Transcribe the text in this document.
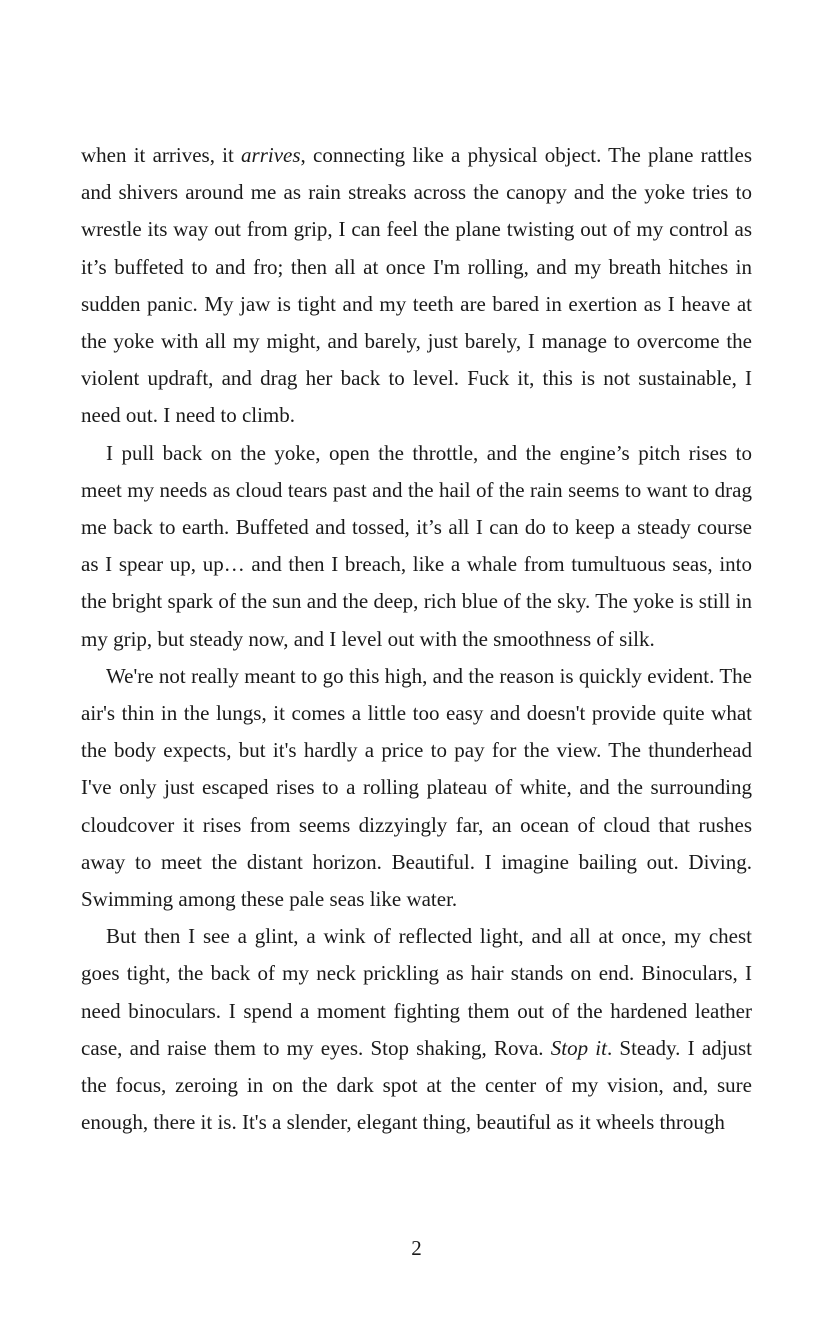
when it arrives, it arrives, connecting like a physical object. The plane rattles and shivers around me as rain streaks across the canopy and the yoke tries to wrestle its way out from grip, I can feel the plane twisting out of my control as it’s buffeted to and fro; then all at once I'm rolling, and my breath hitches in sudden panic. My jaw is tight and my teeth are bared in exertion as I heave at the yoke with all my might, and barely, just barely, I manage to overcome the violent updraft, and drag her back to level. Fuck it, this is not sustainable, I need out. I need to climb.

I pull back on the yoke, open the throttle, and the engine’s pitch rises to meet my needs as cloud tears past and the hail of the rain seems to want to drag me back to earth. Buffeted and tossed, it’s all I can do to keep a steady course as I spear up, up… and then I breach, like a whale from tumultuous seas, into the bright spark of the sun and the deep, rich blue of the sky. The yoke is still in my grip, but steady now, and I level out with the smoothness of silk.

We're not really meant to go this high, and the reason is quickly evident. The air's thin in the lungs, it comes a little too easy and doesn't provide quite what the body expects, but it's hardly a price to pay for the view. The thunderhead I've only just escaped rises to a rolling plateau of white, and the surrounding cloudcover it rises from seems dizzyingly far, an ocean of cloud that rushes away to meet the distant horizon. Beautiful. I imagine bailing out. Diving. Swimming among these pale seas like water.

But then I see a glint, a wink of reflected light, and all at once, my chest goes tight, the back of my neck prickling as hair stands on end. Binoculars, I need binoculars. I spend a moment fighting them out of the hardened leather case, and raise them to my eyes. Stop shaking, Rova. Stop it. Steady. I adjust the focus, zeroing in on the dark spot at the center of my vision, and, sure enough, there it is. It's a slender, elegant thing, beautiful as it wheels through

2
